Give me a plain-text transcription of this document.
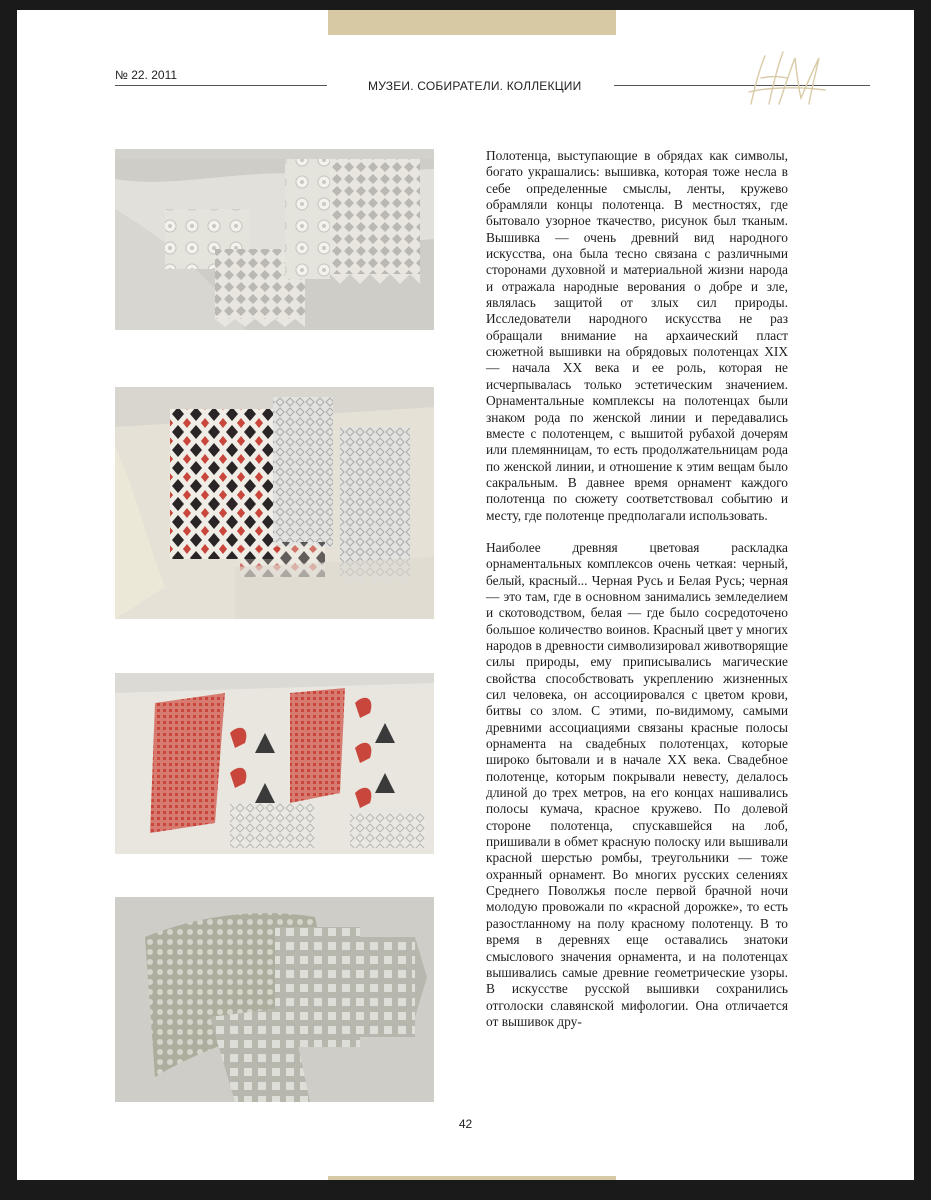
№ 22. 2011
МУЗЕИ. СОБИРАТЕЛИ. КОЛЛЕКЦИИ

Полотенца, выступающие в обрядах как символы, богато украшались: вышивка, которая тоже несла в себе определенные смыслы, ленты, кружево обрамляли концы полотенца. В местностях, где бытовало узорное ткачество, рисунок был тканым. Вышивка — очень древний вид народного искусства, она была тесно связана с различными сторонами духовной и материальной жизни народа и отражала народные верования о добре и зле, являлась защитой от злых сил природы. Исследователи народного искусства не раз обращали внимание на архаический пласт сюжетной вышивки на обрядовых полотенцах XIX — начала XX века и ее роль, которая не исчерпывалась только эстетическим значением. Орнаментальные комплексы на полотенцах были знаком рода по женской линии и передавались вместе с полотенцем, с вышитой рубахой дочерям или племянницам, то есть продолжательницам рода по женской линии, и отношение к этим вещам было сакральным. В давнее время орнамент каждого полотенца по сюжету соответствовал событию и месту, где полотенце предполагали использовать.

Наиболее древняя цветовая раскладка орнаментальных комплексов очень четкая: черный, белый, красный... Черная Русь и Белая Русь; черная — это там, где в основном занимались земледелием и скотоводством, белая — где было сосредоточено большое количество воинов. Красный цвет у многих народов в древности символизировал животворящие силы природы, ему приписывались магические свойства способствовать укреплению жизненных сил человека, он ассоциировался с цветом крови, битвы со злом. С этими, по-видимому, самыми древними ассоциациями связаны красные полосы орнамента на свадебных полотенцах, которые широко бытовали и в начале XX века. Свадебное полотенце, которым покрывали невесту, делалось длиной до трех метров, на его концах нашивались полосы кумача, красное кружево. По долевой стороне полотенца, спускавшейся на лоб, пришивали в обмет красную полоску или вышивали красной шерстью ромбы, треугольники — тоже охранный орнамент. Во многих русских селениях Среднего Поволжья после первой брачной ночи молодую провожали по «красной дорожке», то есть разостланному на полу красному полотенцу. В то время в деревнях еще оставались знатоки смыслового значения орнамента, и на полотенцах вышивались самые древние геометрические узоры. В искусстве русской вышивки сохранились отголоски славянской мифологии. Она отличается от вышивок дру-

42
